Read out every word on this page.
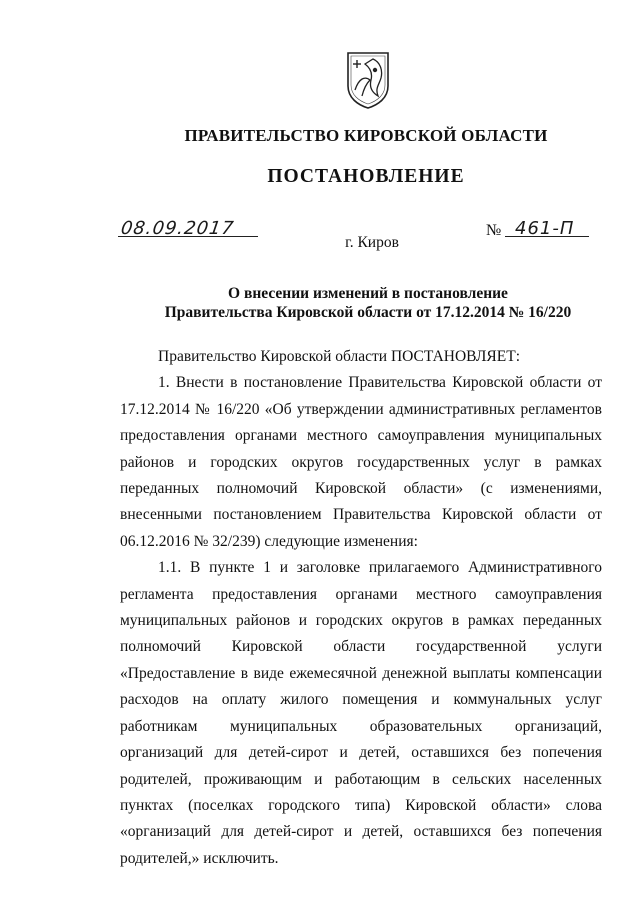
ПРАВИТЕЛЬСТВО КИРОВСКОЙ ОБЛАСТИ
ПОСТАНОВЛЕНИЕ
08.09.2017	№ 461-П
г. Киров
О внесении изменений в постановление
Правительства Кировской области от 17.12.2014 № 16/220

Правительство Кировской области ПОСТАНОВЛЯЕТ:

1. Внести в постановление Правительства Кировской области от 17.12.2014 № 16/220 «Об утверждении административных регламентов предоставления органами местного самоуправления муниципальных районов и городских округов государственных услуг в рамках переданных полномочий Кировской области» (с изменениями, внесенными постановлением Правительства Кировской области от 06.12.2016 № 32/239) следующие изменения:

1.1. В пункте 1 и заголовке прилагаемого Административного регламента предоставления органами местного самоуправления муниципальных районов и городских округов в рамках переданных полномочий Кировской области государственной услуги «Предоставление в виде ежемесячной денежной выплаты компенсации расходов на оплату жилого помещения и коммунальных услуг работникам муниципальных образовательных организаций, организаций для детей-сирот и детей, оставшихся без попечения родителей, проживающим и работающим в сельских населенных пунктах (поселках городского типа) Кировской области» слова «организаций для детей-сирот и детей, оставшихся без попечения родителей,» исключить.
